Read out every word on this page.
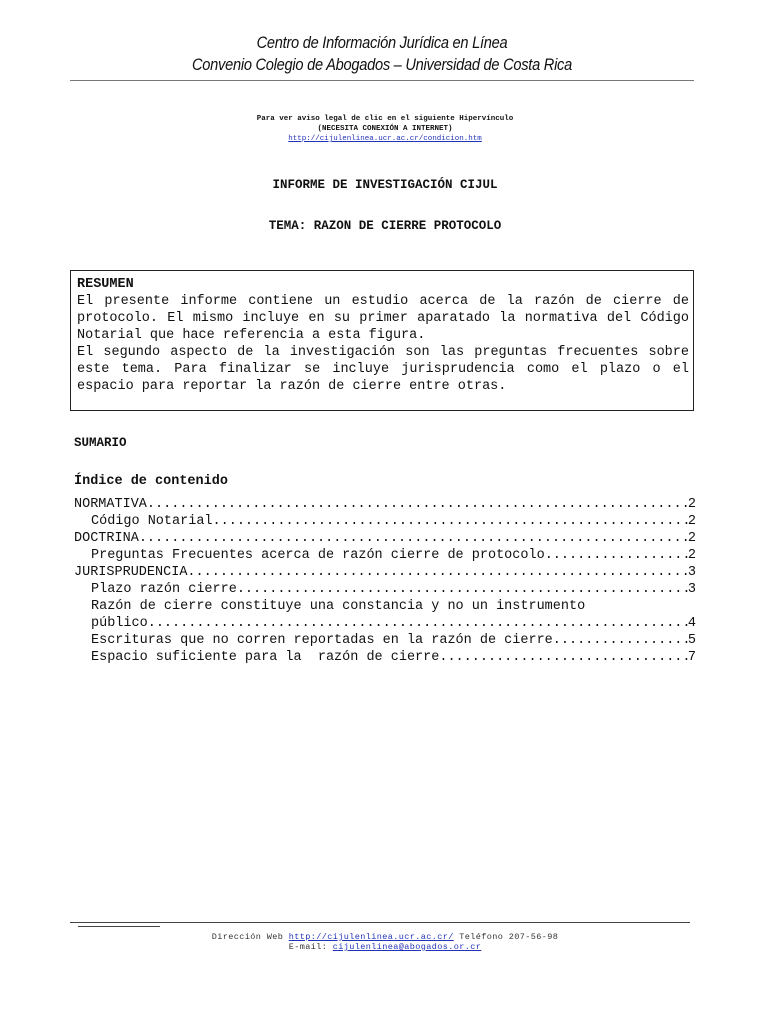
Centro de Información Jurídica en Línea
Convenio Colegio de Abogados – Universidad de Costa Rica
Para ver aviso legal de clic en el siguiente Hipervínculo
(NECESITA CONEXIÓN A INTERNET)
http://cijulenlinea.ucr.ac.cr/condicion.htm
INFORME DE INVESTIGACIÓN CIJUL
TEMA: RAZON DE CIERRE PROTOCOLO
RESUMEN

El presente informe contiene un estudio acerca de la razón de cierre de protocolo. El mismo incluye en su primer aparatado la normativa del Código Notarial que hace referencia a esta figura.

El segundo aspecto de la investigación son las preguntas frecuentes sobre este tema. Para finalizar se incluye jurisprudencia como el plazo o el espacio para reportar la razón de cierre entre otras.

SUMARIO
Índice de contenido
NORMATIVA .....	2
Código Notarial .....	2
DOCTRINA .....	2
Preguntas Frecuentes acerca de razón cierre de protocolo .....	2
JURISPRUDENCIA .....	3
Plazo razón cierre .....	3
Razón de cierre constituye una constancia y no un instrumento
público .....	4
Escrituras que no corren reportadas en la razón de cierre .....	5
Espacio suficiente para la  razón de cierre .....	7
Dirección Web http://cijulenlinea.ucr.ac.cr/ Teléfono 207-56-98
E-mail: cijulenlinea@abogados.or.cr
